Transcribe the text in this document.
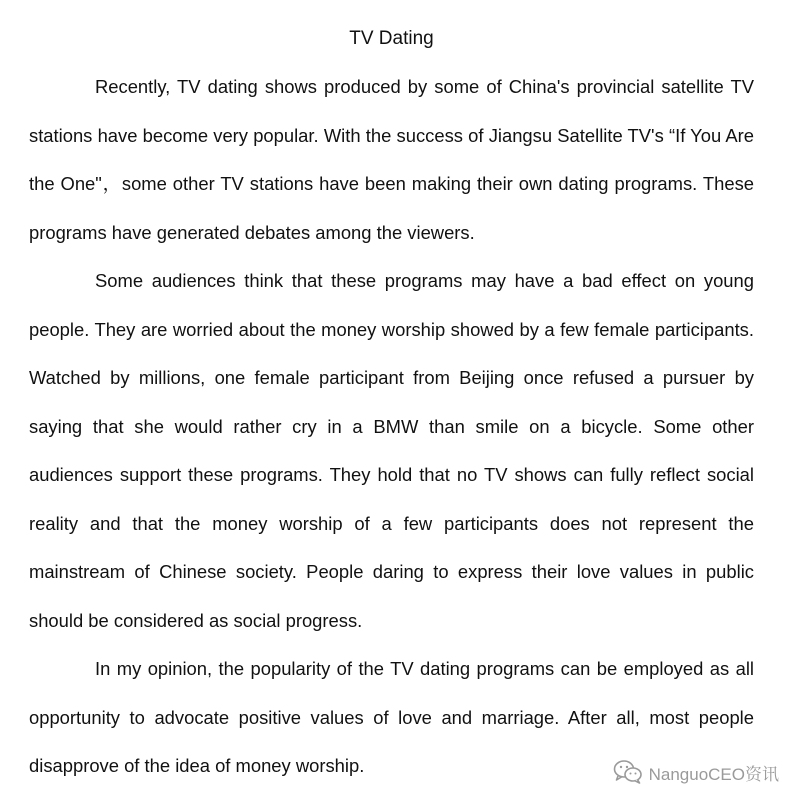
TV Dating

Recently, TV dating shows produced by some of China's provincial satellite TV stations have become very popular. With the success of Jiangsu Satellite TV's “If You Are the One"，some other TV stations have been making their own dating programs. These programs have generated debates among the viewers.

Some audiences think that these programs may have a bad effect on young people. They are worried about the money worship showed by a few female participants. Watched by millions, one female participant from Beijing once refused a pursuer by saying that she would rather cry in a BMW than smile on a bicycle. Some other audiences support these programs. They hold that no TV shows can fully reflect social reality and that the money worship of a few participants does not represent the mainstream of Chinese society. People daring to express their love values in public should be considered as social progress.

In my opinion, the popularity of the TV dating programs can be employed as all opportunity to advocate positive values of love and marriage. After all, most people disapprove of the idea of money worship.	NanguoCEO资讯
